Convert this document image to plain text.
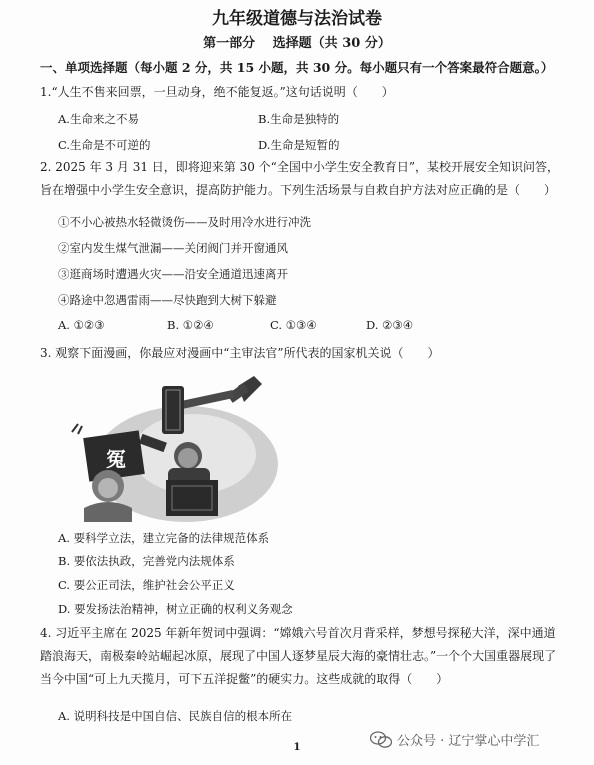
九年级道德与法治试卷
第一部分　 选择题（共 30 分）
一、单项选择题（每小题 2 分，共 15 小题，共 30 分。每小题只有一个答案最符合题意。）
1.“人生不售来回票，一旦动身，绝不能复返。”这句话说明（　　）
A.生命来之不易	B.生命是独特的
C.生命是不可逆的	D.生命是短暂的
2. 2025 年 3 月 31 日，即将迎来第 30 个“全国中小学生安全教育日”，某校开展安全知识问答，旨在增强中小学生安全意识，提高防护能力。下列生活场景与自救自护方法对应正确的是（　　）
①不小心被热水轻微烫伤——及时用冷水进行冲洗
②室内发生煤气泄漏——关闭阀门并开窗通风
③逛商场时遭遇火灾——沿安全通道迅速离开
④路途中忽遇雷雨——尽快跑到大树下躲避
A. ①②③	B. ①②④	C. ①③④	D. ②③④
3. 观察下面漫画，你最应对漫画中“主审法官”所代表的国家机关说（　　）
冤
A. 要科学立法，建立完备的法律规范体系
B. 要依法执政，完善党内法规体系
C. 要公正司法，维护社会公平正义
D. 要发扬法治精神，树立正确的权利义务观念
4. 习近平主席在 2025 年新年贺词中强调：“嫦娥六号首次月背采样，梦想号探秘大洋，深中通道踏浪海天，南极秦岭站崛起冰原，展现了中国人逐梦星辰大海的豪情壮志。”一个个大国重器展现了当今中国“可上九天揽月，可下五洋捉鳖”的硬实力。这些成就的取得（　　）
A. 说明科技是中国自信、民族自信的根本所在
1	公众号 · 辽宁掌心中学汇
